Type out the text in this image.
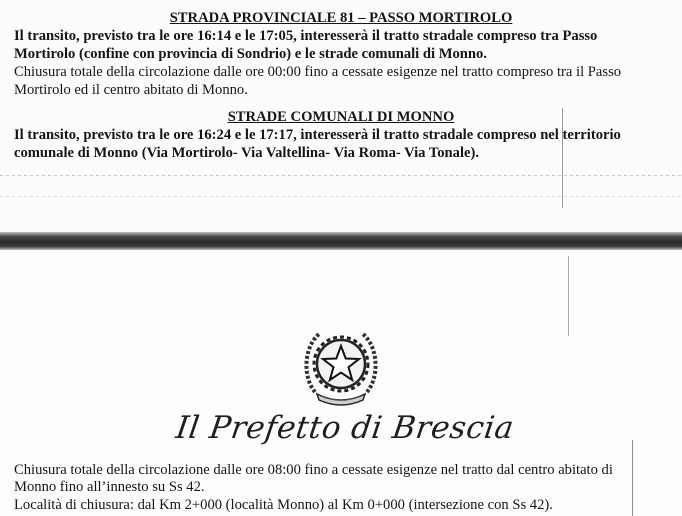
STRADA PROVINCIALE 81 – PASSO MORTIROLO
Il transito, previsto tra le ore 16:14 e le 17:05, interesserà il tratto stradale compreso tra Passo
Mortirolo (confine con provincia di Sondrio) e le strade comunali di Monno.
Chiusura totale della circolazione dalle ore 00:00 fino a cessate esigenze nel tratto compreso tra il Passo
Mortirolo ed il centro abitato di Monno.
STRADE COMUNALI DI MONNO
Il transito, previsto tra le ore 16:24 e le 17:17, interesserà il tratto stradale compreso nel territorio
comunale di Monno (Via Mortirolo- Via Valtellina- Via Roma- Via Tonale).
Il Prefetto di Brescia
Chiusura totale della circolazione dalle ore 08:00 fino a cessate esigenze nel tratto dal centro abitato di
Monno fino all’innesto su Ss 42.
Località di chiusura: dal Km 2+000 (località Monno) al Km 0+000 (intersezione con Ss 42).
